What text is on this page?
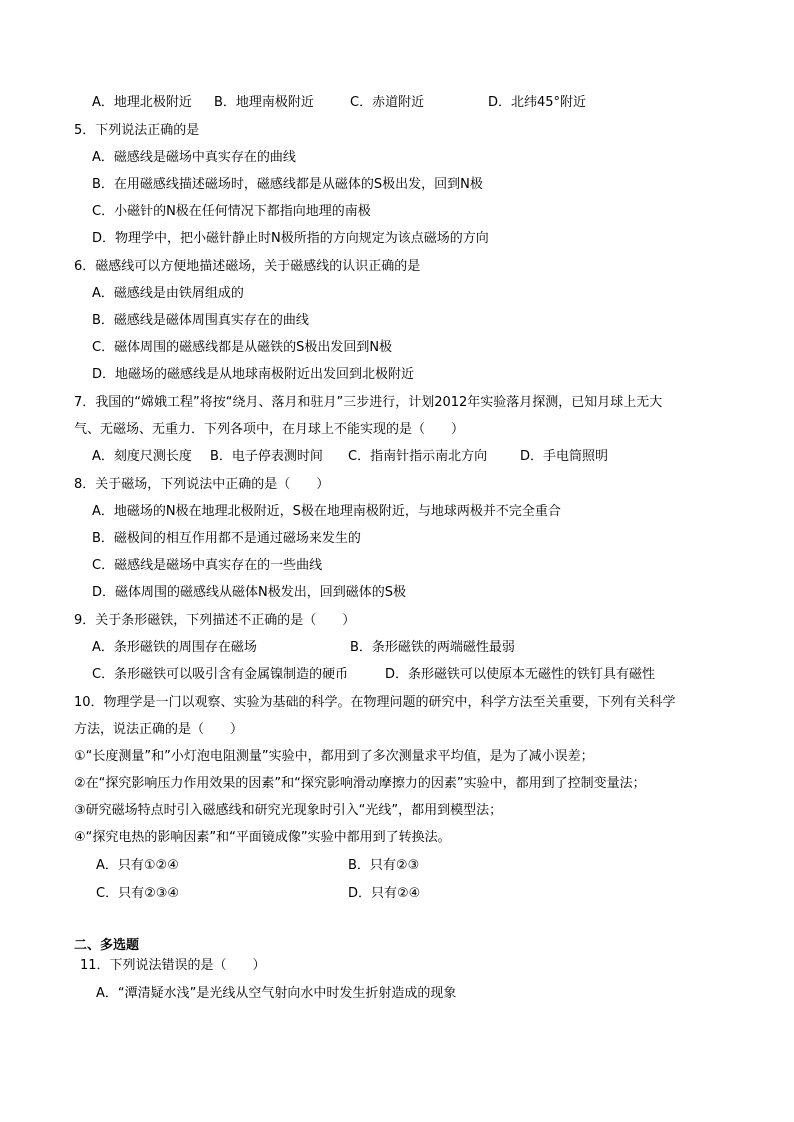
A．地理北极附近 B．地理南极附近	C．赤道附近	D．北纬45°附近
5．下列说法正确的是
A．磁感线是磁场中真实存在的曲线
B．在用磁感线描述磁场时，磁感线都是从磁体的S极出发，回到N极
C．小磁针的N极在任何情况下都指向地理的南极
D．物理学中，把小磁针静止时N极所指的方向规定为该点磁场的方向
6．磁感线可以方便地描述磁场，关于磁感线的认识正确的是
A．磁感线是由铁屑组成的
B．磁感线是磁体周围真实存在的曲线
C．磁体周围的磁感线都是从磁铁的S极出发回到N极
D．地磁场的磁感线是从地球南极附近出发回到北极附近
7．我国的“嫦娥工程”将按“绕月、落月和驻月”三步进行，计划2012年实验落月探测，已知月球上无大
气、无磁场、无重力．下列各项中，在月球上不能实现的是（　　）
A．刻度尺测长度 B．电子停表测时间 C．指南针指示南北方向	D．手电筒照明
8．关于磁场，下列说法中正确的是（　　）
A．地磁场的N极在地理北极附近，S极在地理南极附近，与地球两极并不完全重合
B．磁极间的相互作用都不是通过磁场来发生的
C．磁感线是磁场中真实存在的一些曲线
D．磁体周围的磁感线从磁体N极发出，回到磁体的S极
9．关于条形磁铁，下列描述不正确的是（　　）
A．条形磁铁的周围存在磁场	B．条形磁铁的两端磁性最弱
C．条形磁铁可以吸引含有金属镍制造的硬币	D．条形磁铁可以使原本无磁性的铁钉具有磁性
10．物理学是一门以观察、实验为基础的科学。在物理问题的研究中，科学方法至关重要，下列有关科学
方法，说法正确的是（　　）
①“长度测量”和”小灯泡电阻测量”实验中，都用到了多次测量求平均值，是为了减小误差；
②在“探究影响压力作用效果的因素”和“探究影响滑动摩擦力的因素”实验中，都用到了控制变量法；
③研究磁场特点时引入磁感线和研究光现象时引入“光线”，都用到模型法；
④“探究电热的影响因素”和“平面镜成像”实验中都用到了转换法。
A．只有①②④	B．只有②③
C．只有②③④	D．只有②④
二、多选题
11．下列说法错误的是（　　）
A．“潭清疑水浅”是光线从空气射向水中时发生折射造成的现象
